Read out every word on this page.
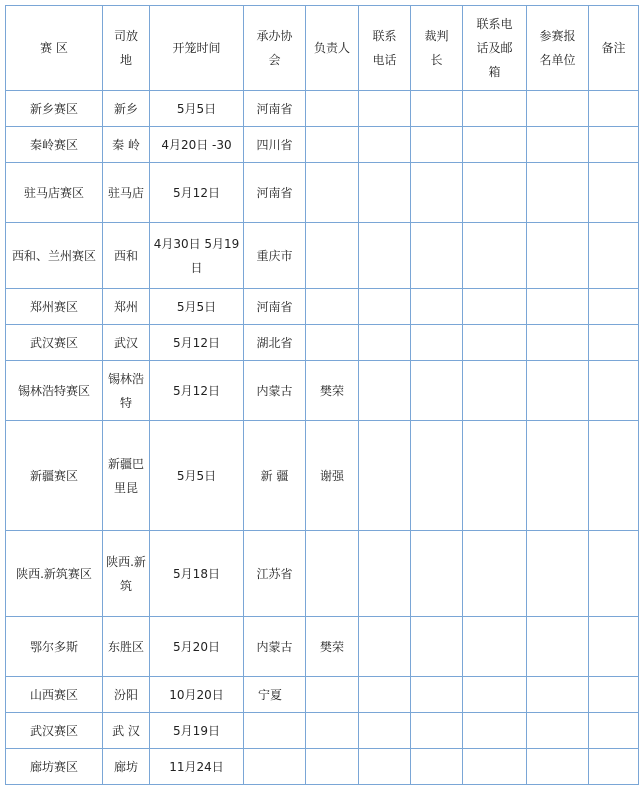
赛 区	司放地	开笼时间	承办协会	负责人	联系电话	裁判长	联系电话及邮箱	参赛报名单位	备注
新乡赛区	新乡	5月5日	河南省						
秦岭赛区	秦 岭	4月20日 -30	四川省						
驻马店赛区	驻马店	5月12日	河南省						
西和、兰州赛区	西和	4月30日 5月19日	重庆市						
郑州赛区	郑州	5月5日	河南省						
武汉赛区	武汉	5月12日	湖北省						
锡林浩特赛区	锡林浩特	5月12日	内蒙古	樊荣					
新疆赛区	新疆巴里昆	5月5日	新 疆	谢强					
陕西.新筑赛区	陕西.新筑	5月18日	江苏省						
鄂尔多斯	东胜区	5月20日	内蒙古	樊荣					
山西赛区	汾阳	10月20日	宁夏						
武汉赛区	武 汉	5月19日							
廊坊赛区	廊坊	11月24日							
